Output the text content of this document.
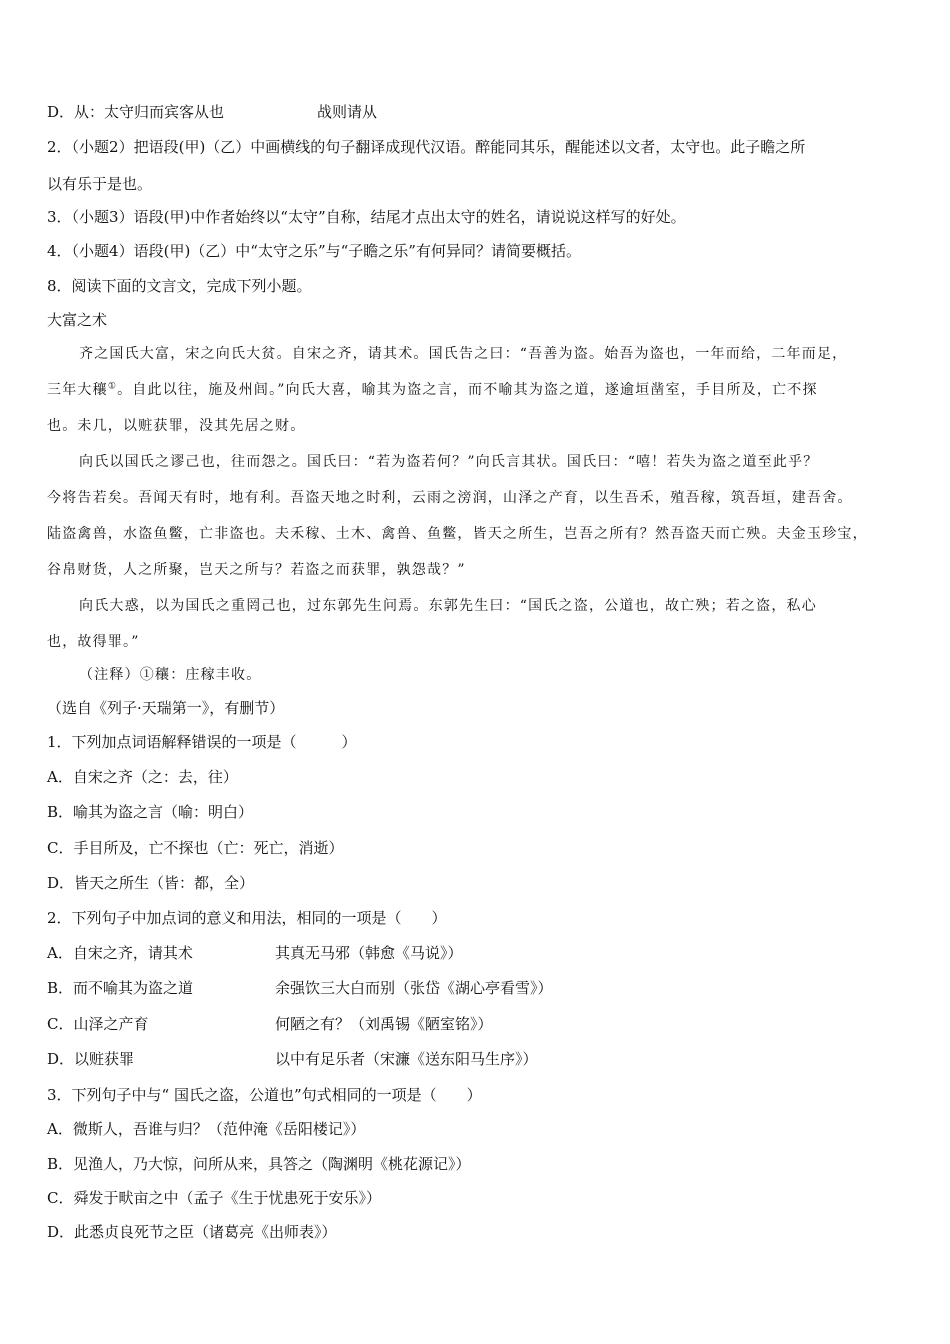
D．从：太守归而宾客从也	战则请从
2．（小题2）把语段(甲)（乙）中画横线的句子翻译成现代汉语。醉能同其乐，醒能述以文者，太守也。此子瞻之所
以有乐于是也。
3．（小题3）语段(甲)中作者始终以“太守”自称，结尾才点出太守的姓名，请说说这样写的好处。
4．（小题4）语段(甲)（乙）中“太守之乐”与“子瞻之乐”有何异同？请简要概括。
8．阅读下面的文言文，完成下列小题。
大富之术
齐之国氏大富，宋之向氏大贫。自宋之齐，请其术。国氏告之曰：“吾善为盗。始吾为盗也，一年而给，二年而足，
三年大穰①。自此以往，施及州闾。”向氏大喜，喻其为盗之言，而不喻其为盗之道，遂逾垣凿室，手目所及，亡不探
也。未几，以赃获罪，没其先居之财。
向氏以国氏之谬己也，往而怨之。国氏曰：“若为盗若何？”向氏言其状。国氏曰：“嘻！若失为盗之道至此乎？
今将告若矣。吾闻天有时，地有利。吾盗天地之时利，云雨之滂润，山泽之产育，以生吾禾，殖吾稼，筑吾垣，建吾舍。
陆盗禽兽，水盗鱼鳖，亡非盗也。夫禾稼、土木、禽兽、鱼鳖，皆天之所生，岂吾之所有？然吾盗天而亡殃。夫金玉珍宝，
谷帛财货，人之所聚，岂天之所与？若盗之而获罪，孰怨哉？”
向氏大惑，以为国氏之重罔己也，过东郭先生问焉。东郭先生曰：“国氏之盗，公道也，故亡殃；若之盗，私心
也，故得罪。”
（注释）①穰：庄稼丰收。
（选自《列子·天瑞第一》，有删节）
1．下列加点词语解释错误的一项是（　　　）
A．自宋之齐（之：去，往）
B．喻其为盗之言（喻：明白）
C．手目所及，亡不探也（亡：死亡，消逝）
D．皆天之所生（皆：都，全）
2．下列句子中加点词的意义和用法，相同的一项是（　　）
A．自宋之齐，请其术	其真无马邪（韩愈《马说》）
B．而不喻其为盗之道	余强饮三大白而别（张岱《湖心亭看雪》）
C．山泽之产育	何陋之有？（刘禹锡《陋室铭》）
D．以赃获罪	以中有足乐者（宋濂《送东阳马生序》）
3．下列句子中与“ 国氏之盗，公道也”句式相同的一项是（　　）
A．微斯人，吾谁与归？（范仲淹《岳阳楼记》）
B．见渔人，乃大惊，问所从来，具答之（陶渊明《桃花源记》）
C．舜发于畎亩之中（孟子《生于忧患死于安乐》）
D．此悉贞良死节之臣（诸葛亮《出师表》）
